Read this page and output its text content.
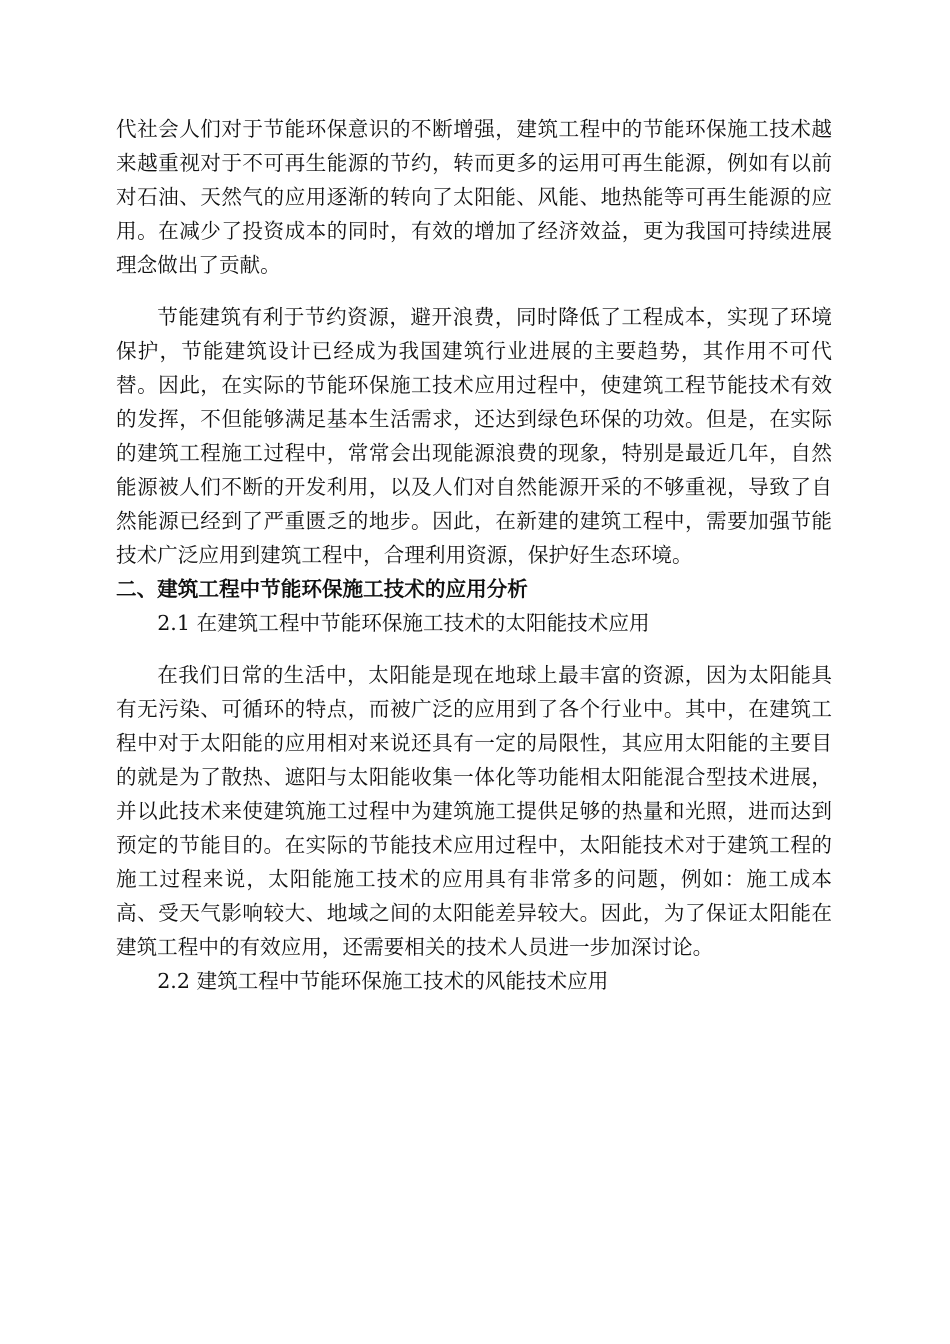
代社会人们对于节能环保意识的不断增强，建筑工程中的节能环保施工技术越来越重视对于不可再生能源的节约，转而更多的运用可再生能源，例如有以前对石油、天然气的应用逐渐的转向了太阳能、风能、地热能等可再生能源的应用。在减少了投资成本的同时，有效的增加了经济效益，更为我国可持续进展理念做出了贡献。

节能建筑有利于节约资源，避开浪费，同时降低了工程成本，实现了环境保护，节能建筑设计已经成为我国建筑行业进展的主要趋势，其作用不可代替。因此，在实际的节能环保施工技术应用过程中，使建筑工程节能技术有效的发挥，不但能够满足基本生活需求，还达到绿色环保的功效。但是，在实际的建筑工程施工过程中，常常会出现能源浪费的现象，特别是最近几年，自然能源被人们不断的开发利用，以及人们对自然能源开采的不够重视，导致了自然能源已经到了严重匮乏的地步。因此，在新建的建筑工程中，需要加强节能技术广泛应用到建筑工程中，合理利用资源，保护好生态环境。

二、建筑工程中节能环保施工技术的应用分析

2.1 在建筑工程中节能环保施工技术的太阳能技术应用

在我们日常的生活中，太阳能是现在地球上最丰富的资源，因为太阳能具有无污染、可循环的特点，而被广泛的应用到了各个行业中。其中，在建筑工程中对于太阳能的应用相对来说还具有一定的局限性，其应用太阳能的主要目的就是为了散热、遮阳与太阳能收集一体化等功能相太阳能混合型技术进展，并以此技术来使建筑施工过程中为建筑施工提供足够的热量和光照，进而达到预定的节能目的。在实际的节能技术应用过程中，太阳能技术对于建筑工程的施工过程来说，太阳能施工技术的应用具有非常多的问题，例如：施工成本高、受天气影响较大、地域之间的太阳能差异较大。因此，为了保证太阳能在建筑工程中的有效应用，还需要相关的技术人员进一步加深讨论。

2.2 建筑工程中节能环保施工技术的风能技术应用
